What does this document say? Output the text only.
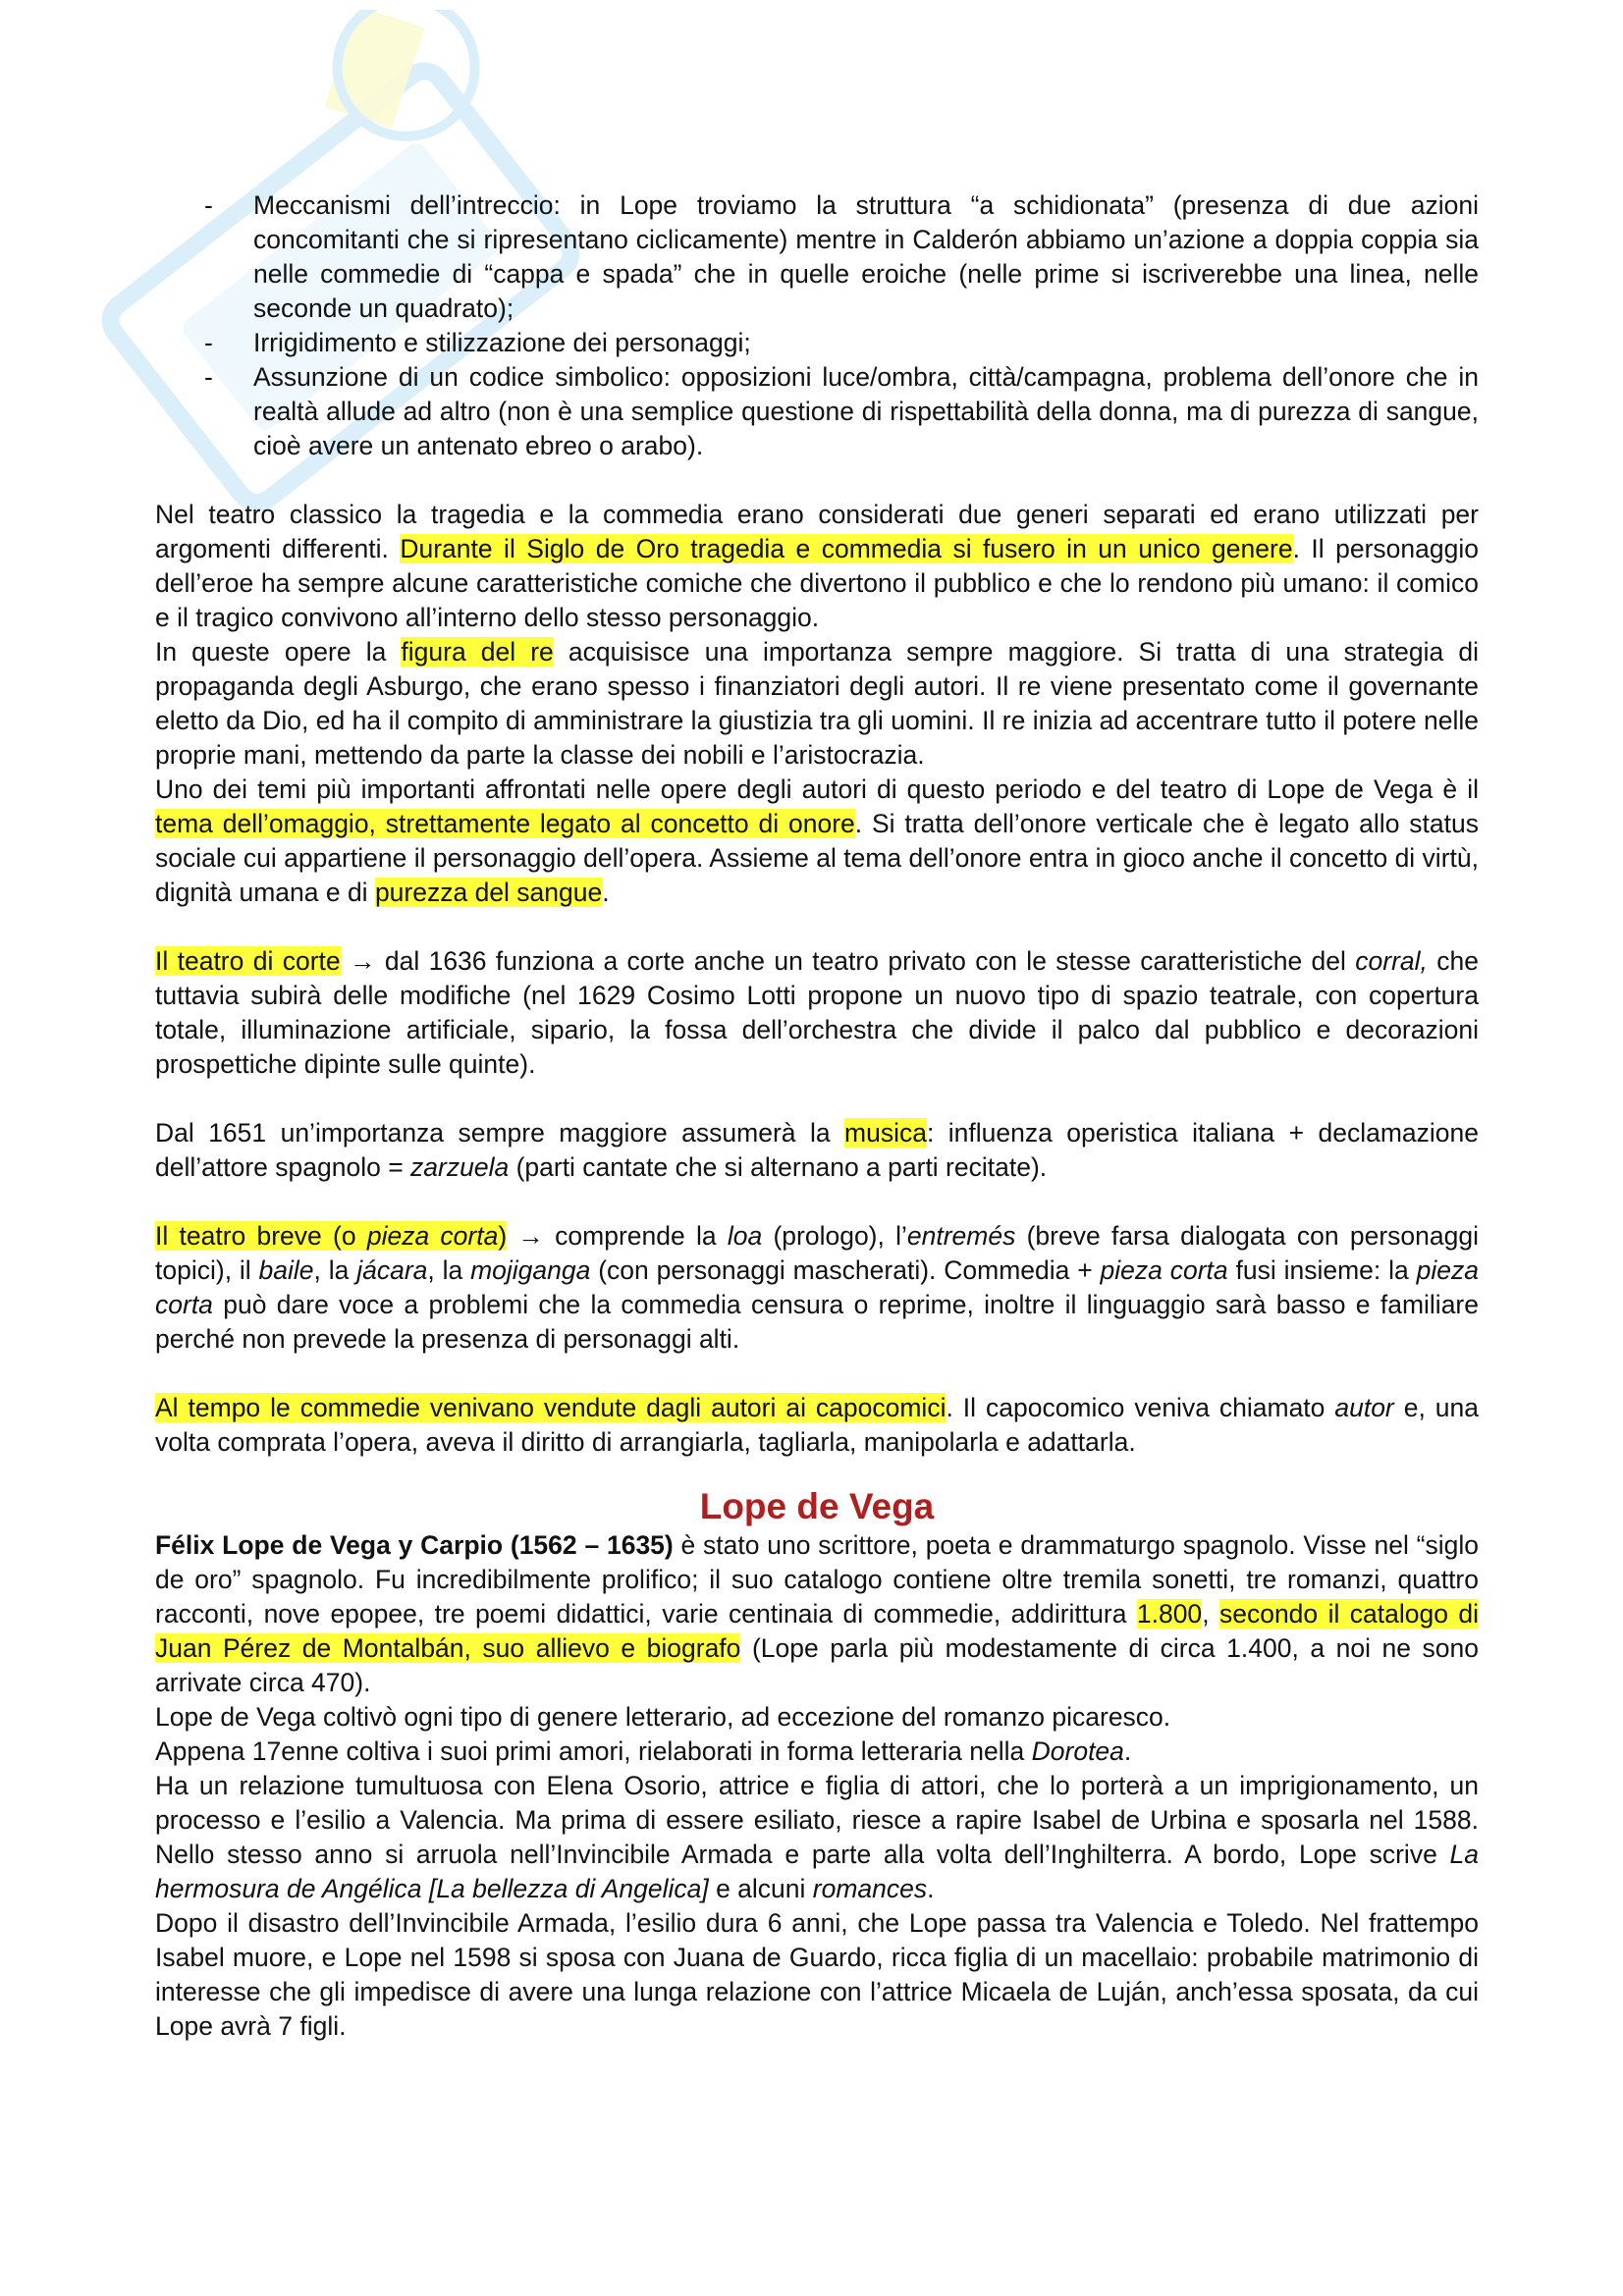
- Meccanismi dell’intreccio: in Lope troviamo la struttura “a schidionata” (presenza di due azioni concomitanti che si ripresentano ciclicamente) mentre in Calderón abbiamo un’azione a doppia coppia sia nelle commedie di “cappa e spada” che in quelle eroiche (nelle prime si iscriverebbe una linea, nelle seconde un quadrato);
- Irrigidimento e stilizzazione dei personaggi;
- Assunzione di un codice simbolico: opposizioni luce/ombra, città/campagna, problema dell’onore che in realtà allude ad altro (non è una semplice questione di rispettabilità della donna, ma di purezza di sangue, cioè avere un antenato ebreo o arabo).

Nel teatro classico la tragedia e la commedia erano considerati due generi separati ed erano utilizzati per argomenti differenti. Durante il Siglo de Oro tragedia e commedia si fusero in un unico genere. Il personaggio dell’eroe ha sempre alcune caratteristiche comiche che divertono il pubblico e che lo rendono più umano: il comico e il tragico convivono all’interno dello stesso personaggio.

In queste opere la figura del re acquisisce una importanza sempre maggiore. Si tratta di una strategia di propaganda degli Asburgo, che erano spesso i finanziatori degli autori. Il re viene presentato come il governante eletto da Dio, ed ha il compito di amministrare la giustizia tra gli uomini. Il re inizia ad accentrare tutto il potere nelle proprie mani, mettendo da parte la classe dei nobili e l’aristocrazia.

Uno dei temi più importanti affrontati nelle opere degli autori di questo periodo e del teatro di Lope de Vega è il tema dell’omaggio, strettamente legato al concetto di onore. Si tratta dell’onore verticale che è legato allo status sociale cui appartiene il personaggio dell’opera. Assieme al tema dell’onore entra in gioco anche il concetto di virtù, dignità umana e di purezza del sangue.

Il teatro di corte → dal 1636 funziona a corte anche un teatro privato con le stesse caratteristiche del corral, che tuttavia subirà delle modifiche (nel 1629 Cosimo Lotti propone un nuovo tipo di spazio teatrale, con copertura totale, illuminazione artificiale, sipario, la fossa dell’orchestra che divide il palco dal pubblico e decorazioni prospettiche dipinte sulle quinte).

Dal 1651 un’importanza sempre maggiore assumerà la musica: influenza operistica italiana + declamazione dell’attore spagnolo = zarzuela (parti cantate che si alternano a parti recitate).

Il teatro breve (o pieza corta) → comprende la loa (prologo), l’entremés (breve farsa dialogata con personaggi topici), il baile, la jácara, la mojiganga (con personaggi mascherati). Commedia + pieza corta fusi insieme: la pieza corta può dare voce a problemi che la commedia censura o reprime, inoltre il linguaggio sarà basso e familiare perché non prevede la presenza di personaggi alti.

Al tempo le commedie venivano vendute dagli autori ai capocomici. Il capocomico veniva chiamato autor e, una volta comprata l’opera, aveva il diritto di arrangiarla, tagliarla, manipolarla e adattarla.

Lope de Vega

Félix Lope de Vega y Carpio (1562 – 1635) è stato uno scrittore, poeta e drammaturgo spagnolo. Visse nel “siglo de oro” spagnolo. Fu incredibilmente prolifico; il suo catalogo contiene oltre tremila sonetti, tre romanzi, quattro racconti, nove epopee, tre poemi didattici, varie centinaia di commedie, addirittura 1.800, secondo il catalogo di Juan Pérez de Montalbán, suo allievo e biografo (Lope parla più modestamente di circa 1.400, a noi ne sono arrivate circa 470).

Lope de Vega coltivò ogni tipo di genere letterario, ad eccezione del romanzo picaresco.

Appena 17enne coltiva i suoi primi amori, rielaborati in forma letteraria nella Dorotea.

Ha un relazione tumultuosa con Elena Osorio, attrice e figlia di attori, che lo porterà a un imprigionamento, un processo e l’esilio a Valencia. Ma prima di essere esiliato, riesce a rapire Isabel de Urbina e sposarla nel 1588. Nello stesso anno si arruola nell’Invincibile Armada e parte alla volta dell’Inghilterra. A bordo, Lope scrive La hermosura de Angélica [La bellezza di Angelica] e alcuni romances.

Dopo il disastro dell’Invincibile Armada, l’esilio dura 6 anni, che Lope passa tra Valencia e Toledo. Nel frattempo Isabel muore, e Lope nel 1598 si sposa con Juana de Guardo, ricca figlia di un macellaio: probabile matrimonio di interesse che gli impedisce di avere una lunga relazione con l’attrice Micaela de Luján, anch’essa sposata, da cui Lope avrà 7 figli.
